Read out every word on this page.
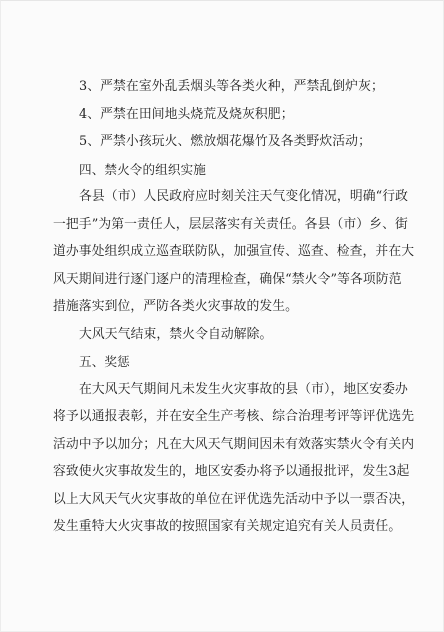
3、严禁在室外乱丢烟头等各类火种，严禁乱倒炉灰；
4、严禁在田间地头烧荒及烧灰积肥；
5、严禁小孩玩火、燃放烟花爆竹及各类野炊活动；
四、禁火令的组织实施
各县（市）人民政府应时刻关注天气变化情况，明确“行政
一把手”为第一责任人，层层落实有关责任。各县（市）乡、街
道办事处组织成立巡查联防队，加强宣传、巡查、检查，并在大
风天期间进行逐门逐户的清理检查，确保“禁火令”等各项防范
措施落实到位，严防各类火灾事故的发生。
大风天气结束，禁火令自动解除。
五、奖惩
在大风天气期间凡未发生火灾事故的县（市），地区安委办
将予以通报表彰，并在安全生产考核、综合治理考评等评优选先
活动中予以加分；凡在大风天气期间因未有效落实禁火令有关内
容致使火灾事故发生的，地区安委办将予以通报批评，发生3起
以上大风天气火灾事故的单位在评优选先活动中予以一票否决，
发生重特大火灾事故的按照国家有关规定追究有关人员责任。
